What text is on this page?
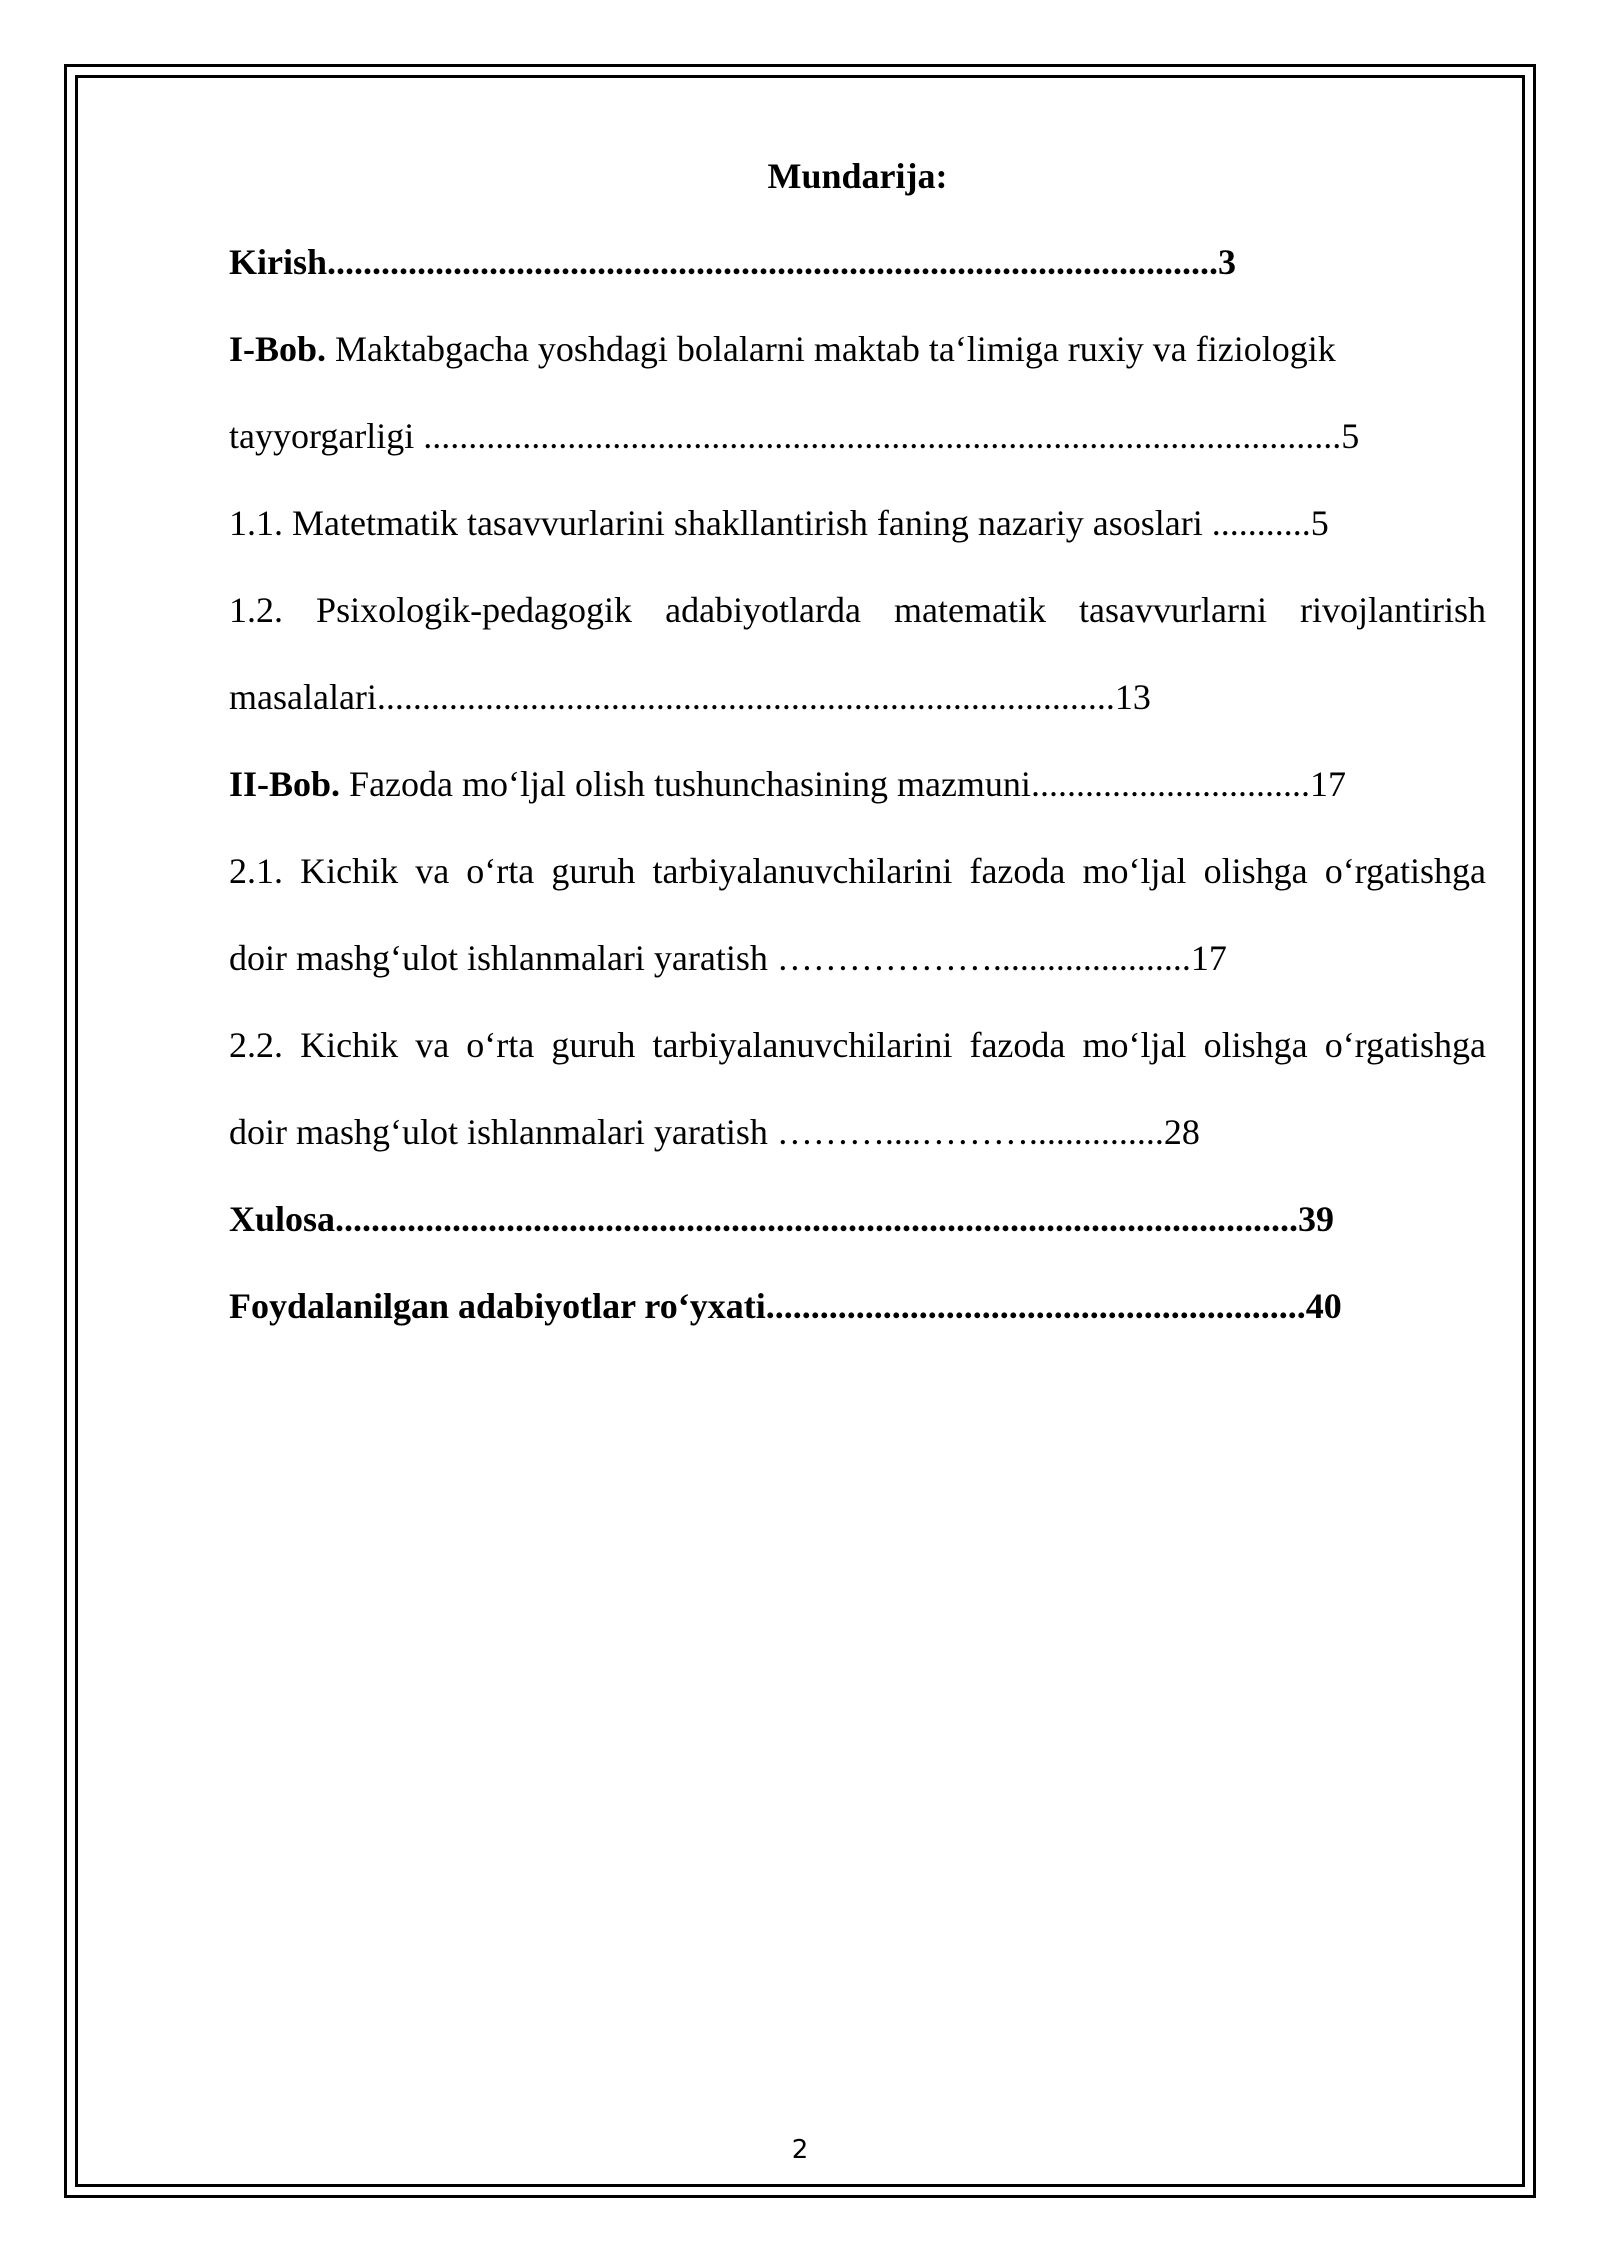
Mundarija:
Kirish...................................................................................................3
I-Bob. Maktabgacha yoshdagi bolalarni maktab ta‘limiga ruxiy va fiziologik
tayyorgarligi ......................................................................................................5
1.1. Matetmatik tasavvurlarini shakllantirish faning nazariy asoslari ...........5
1.2. Psixologik-pedagogik adabiyotlarda matematik tasavvurlarni rivojlantirish
masalalari..................................................................................13
II-Bob. Fazoda mo‘ljal olish tushunchasining mazmuni...............................17
2.1. Kichik va o‘rta guruh tarbiyalanuvchilarini fazoda mo‘ljal olishga o‘rgatishga
doir mashg‘ulot ishlanmalari yaratish ………………......................17
2.2. Kichik va o‘rta guruh tarbiyalanuvchilarini fazoda mo‘ljal olishga o‘rgatishga
doir mashg‘ulot ishlanmalari yaratish ………....………...............28
Xulosa...........................................................................................................39
Foydalanilgan adabiyotlar ro‘yxati............................................................40
2
